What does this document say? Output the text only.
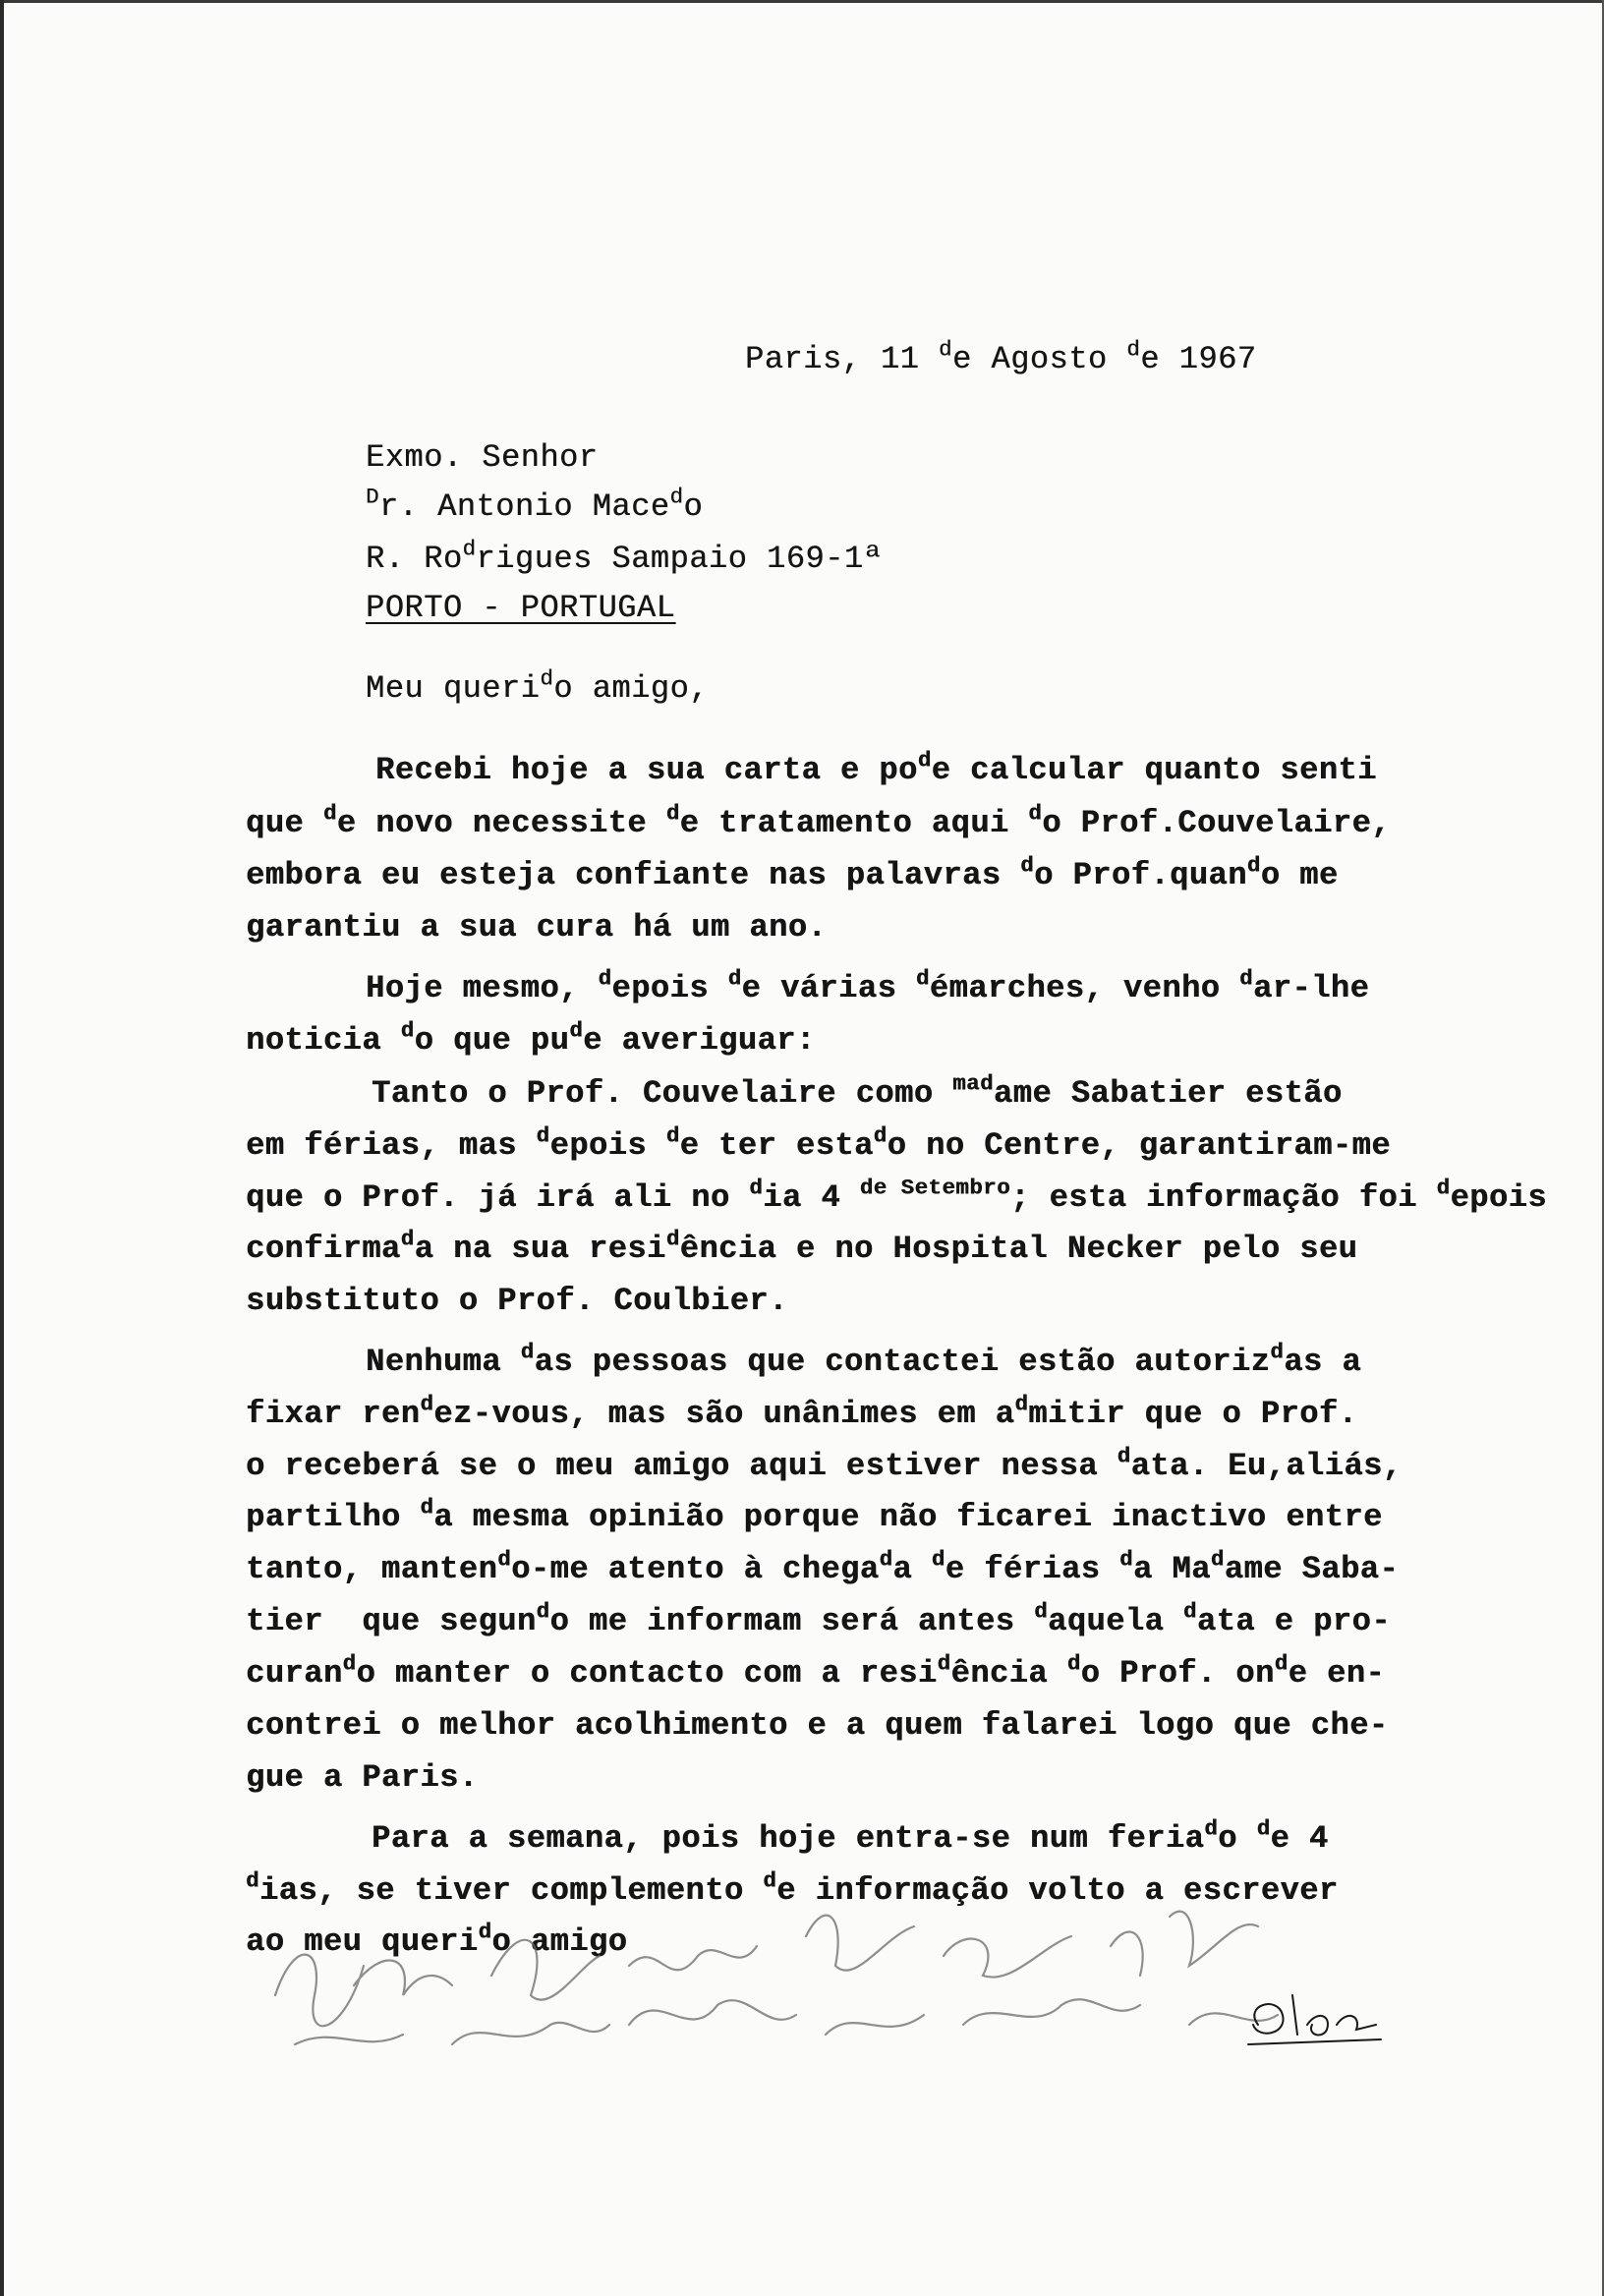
Paris, 11 $^d$e Agosto $^d$e 1967
Exmo. Senhor
$^D$r. Antonio Mace$^d$o
R. Ro$^d$rigues Sampaio 169-1ª
PORTO - PORTUGAL
Meu queri$^d$o amigo,
Recebi hoje a sua carta e $po^de$ calcular quanto senti
que $^d$e novo necessite $^d$e tratamento aqui $^d$o Prof.Couvelaire,
embora eu esteja confiante nas palavras $^d$o Prof.quan$^d$o me
garantiu a sua cura há um ano.
Hoje mesmo, $^d$epois $^d$e várias $^d$émarches, venho $^d$ar-lhe
noticia $^d$o que $pu^de$ averiguar:
Tanto o Prof. Couvelaire como $^{mad}$ame Sabatier estão
em férias, mas $^d$epois $^d$e ter esta$^d$o no Centre, garantiram-me
que o Prof. já irá ali no $^d$ia 4 $^{de Setembro}$; esta informação foi $^d$epois
confirma$^d$a na sua resi$^d$ência e no Hospital Necker pelo seu
substituto o Prof. Coulbier.
Nenhuma $^d$as pessoas que contactei estão autoriz$^d$as a
fixar ren$^d$ez-vous, mas são unânimes em $a^dmitir$ que o Prof.
o receberá se o meu amigo aqui estiver nessa $^d$ata. Eu,aliás,
partilho $^d$a mesma opinião porque não ficarei inactivo entre
tanto, manten$^d$o-me atento à chega$^d$a $^d$e férias $^d$a Ma$^d$ame Saba-
tier  que segun$^d$o me informam será antes $^d$aquela $^d$ata e pro-
curan$^d$o manter o contacto com a resi$^d$ência $^d$o Prof. $on^de$ en-
contrei o melhor acolhimento e a quem falarei logo que che-
gue a Paris.
Para a semana, pois hoje entra-se num feria$^d$o $^d$e 4
$^d$ias, se tiver complemento $^d$e informação volto a escrever
ao meu queri$^d$o amigo
